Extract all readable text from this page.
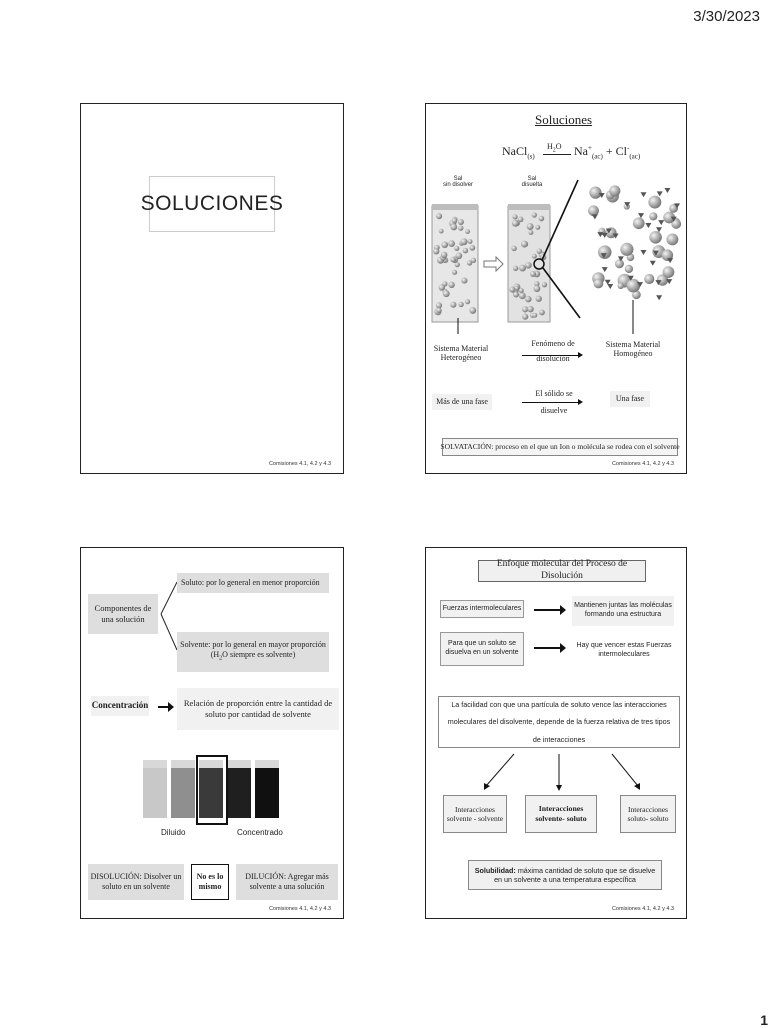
3/30/2023
SOLUCIONES
Comisiones 4.1, 4.2 y 4.3
Soluciones
NaCl$_{(s)}$
$H_2O$ $Na^+_{(ac)} + Cl^-_{(ac)}$
Sal
sin disolver
Sal
disuelta
Sistema Material Heterogéneo
Fenómeno de disolución
Sistema Material Homogéneo
Más de una fase
El sólido se disuelve
Una fase
SOLVATACIÓN: proceso en el que un Ion o molécula se rodea con el solvente
Comisiones 4.1, 4.2 y 4.3
Componentes de una solución
Soluto: por lo general en menor proporción
Solvente: por lo general en mayor proporción
($H_2O$ siempre es solvente)
Concentración	Relación de proporción entre la cantidad de soluto por cantidad de solvente
Diluido	Concentrado
DISOLUCIÓN: Disolver un soluto en un solvente
No es lo mismo
DILUCIÓN: Agregar más solvente a una solución
Comisiones 4.1, 4.2 y 4.3
Enfoque molecular del Proceso de Disolución
Fuerzas intermoleculares	Mantienen juntas las moléculas formando una estructura
Para que un soluto se disuelva en un solvente
Hay que vencer estas Fuerzas intermoleculares
La facilidad con que una partícula de soluto vence las interacciones moleculares del disolvente, depende de la fuerza relativa de tres tipos de interacciones
Interacciones solvente - solvente
Interacciones solvente- soluto
Interacciones soluto- soluto
Solubilidad: máxima cantidad de soluto que se disuelve en un solvente a una temperatura específica
Comisiones 4.1, 4.2 y 4.3
1
